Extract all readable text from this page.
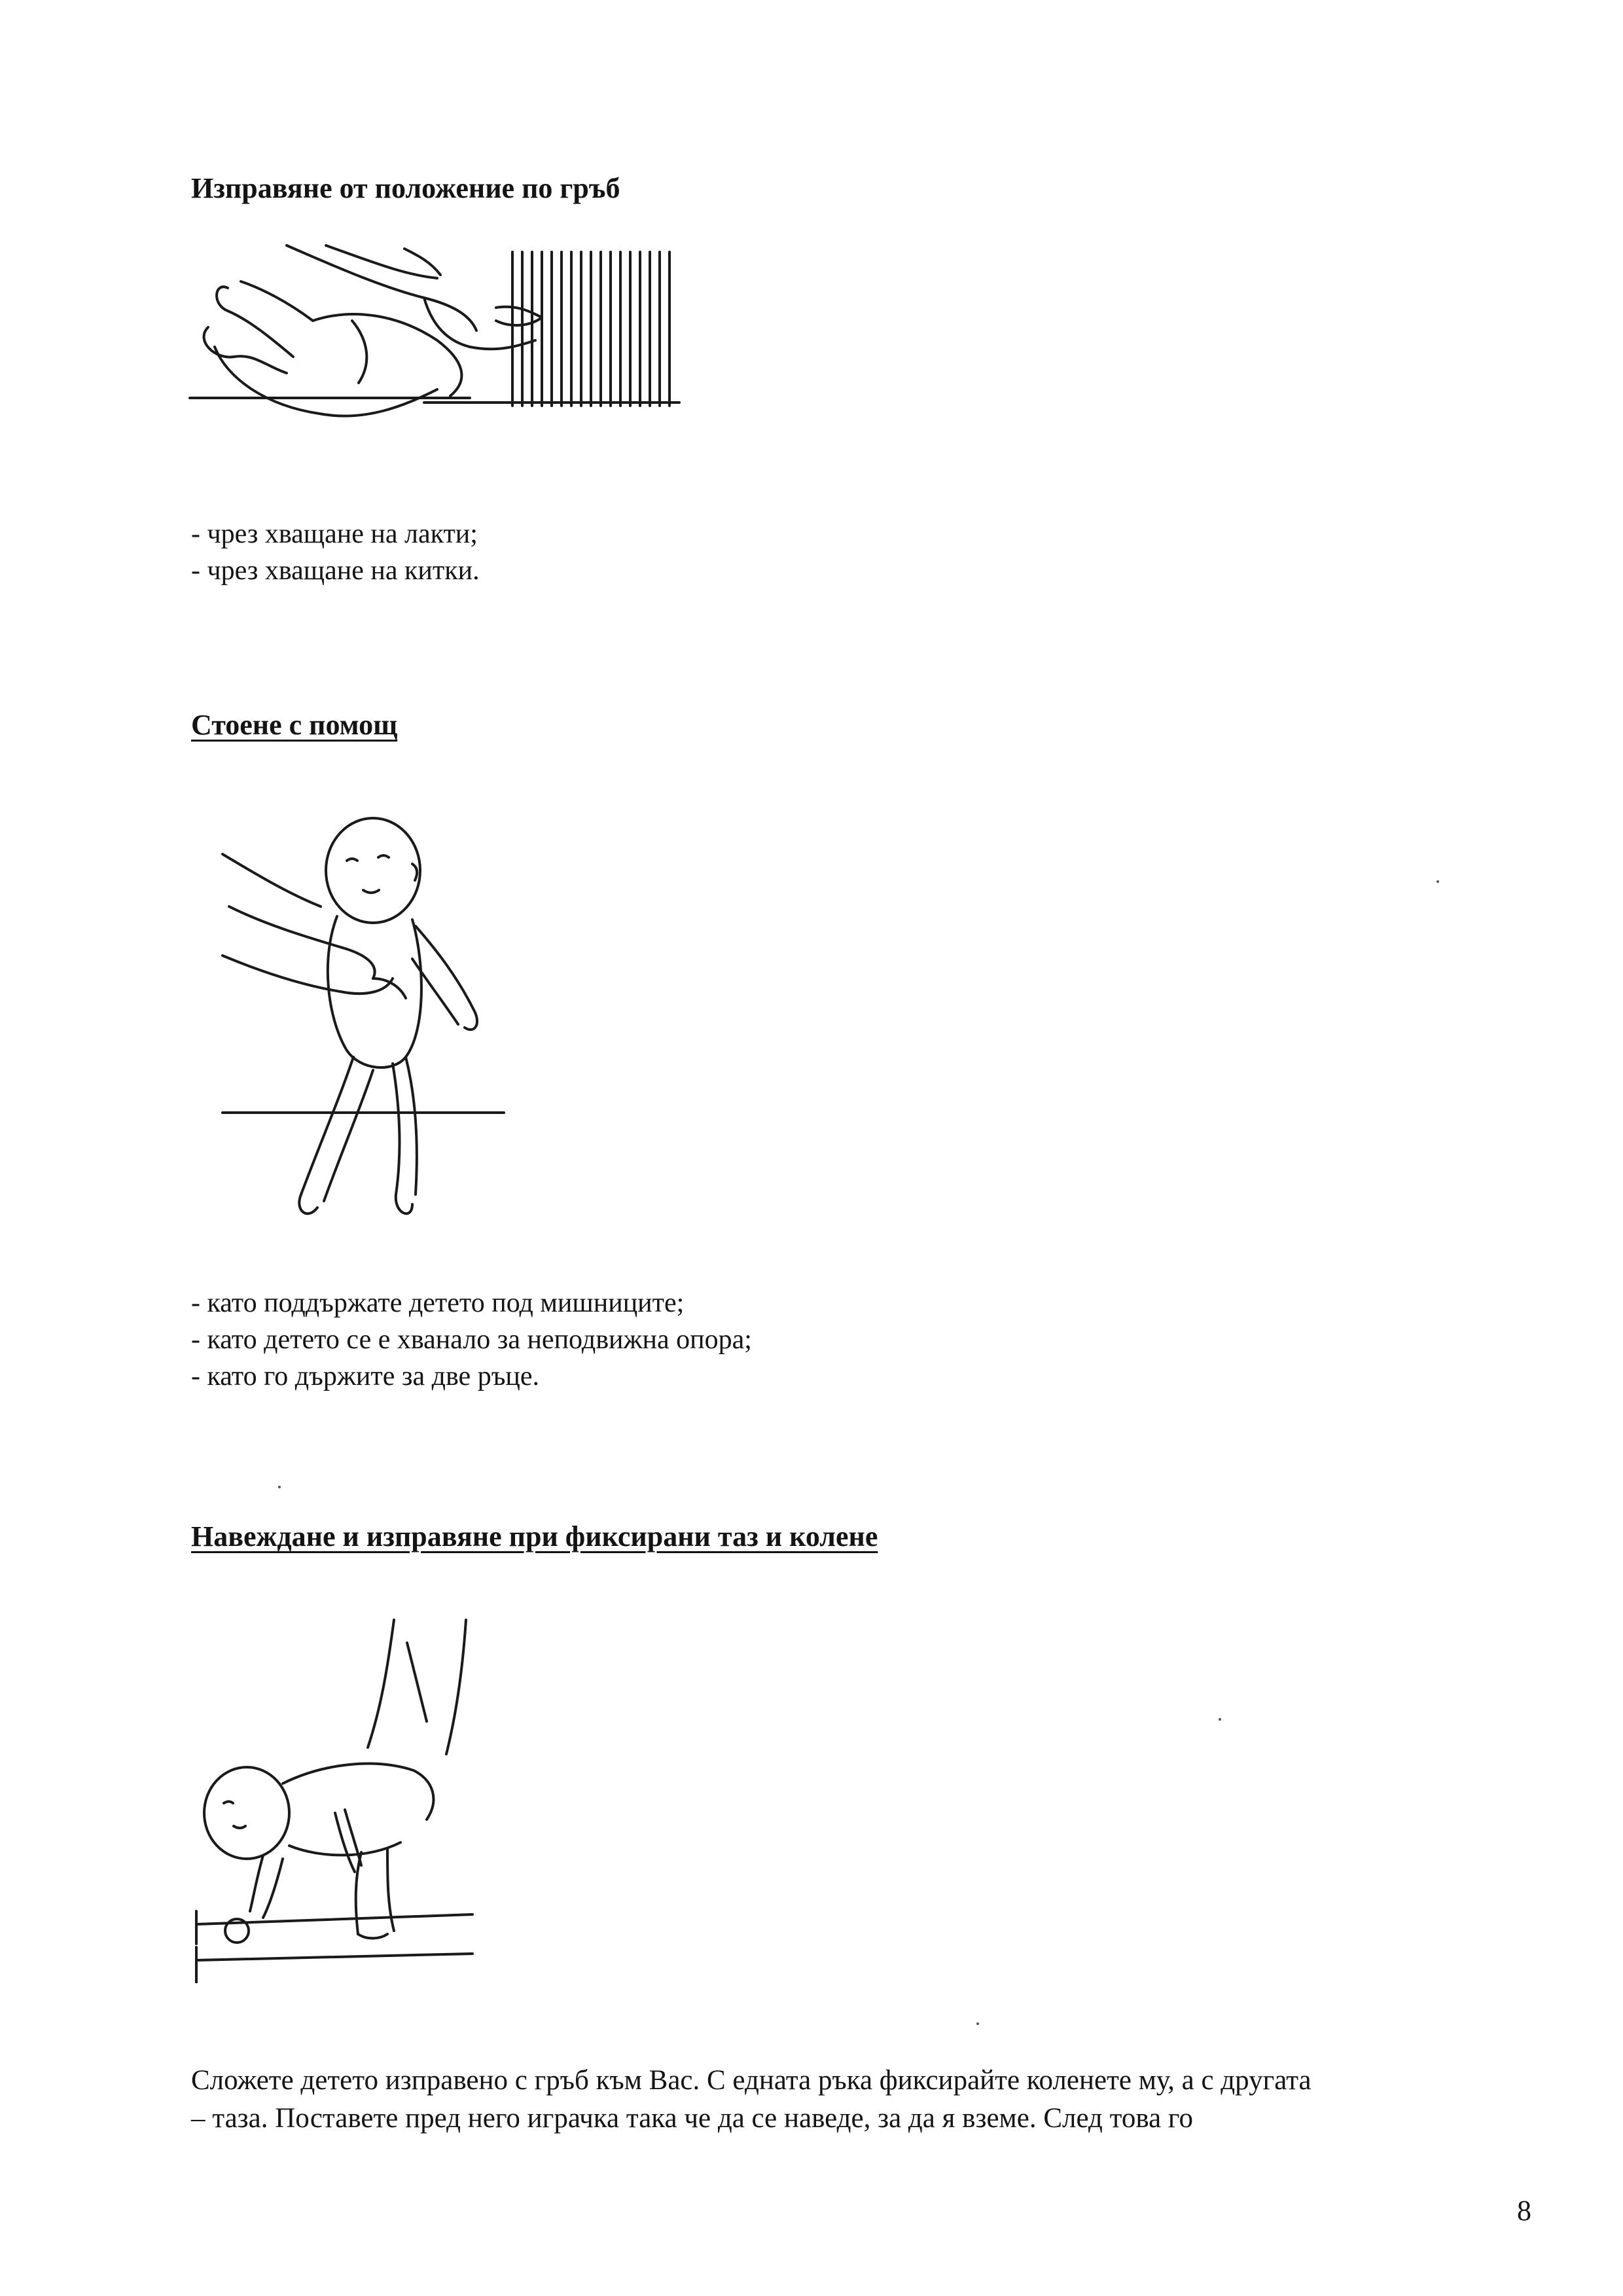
Изправяне от положение по гръб
- чрез хващане на лакти;
- чрез хващане на китки.
Стоене с помощ
- като поддържате детето под мишниците;
- като детето се е хванало за неподвижна опора;
- като го държите за две ръце.
Навеждане и изправяне при фиксирани таз и колене
Сложете детето изправено с гръб към Вас. С едната ръка фиксирайте коленете му, а с другата
– таза. Поставете пред него играчка така че да се наведе, за да я вземе. След това го
8
